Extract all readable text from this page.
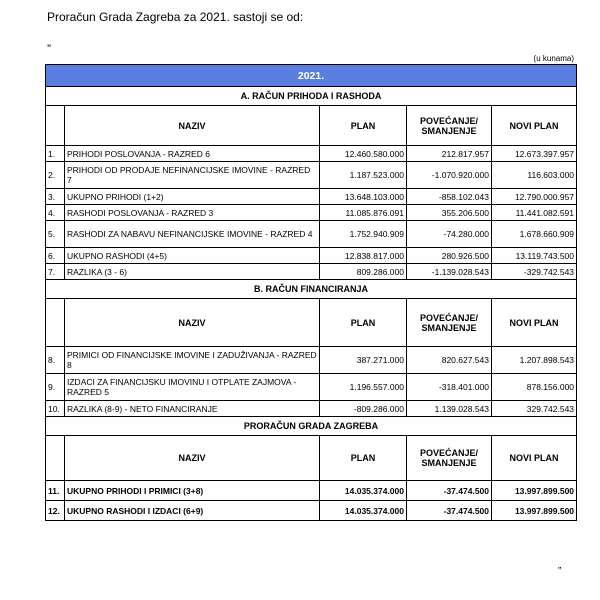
Proračun Grada Zagreba za 2021. sastoji se od:
”
(u kunama)
2021.				
A. RAČUN PRIHODA I RASHODA				
	NAZIV	PLAN	POVEĆANJE/ SMANJENJE	NOVI PLAN
1.	PRIHODI POSLOVANJA - RAZRED 6	12.460.580.000	212.817.957	12.673.397.957
2.	PRIHODI OD PRODAJE NEFINANCIJSKE IMOVINE - RAZRED 7	1.187.523.000	-1.070.920.000	116.603.000
3.	UKUPNO PRIHODI (1+2)	13.648.103.000	-858.102.043	12.790.000.957
4.	RASHODI POSLOVANJA - RAZRED 3	11.085.876.091	355.206.500	11.441.082.591
5.	RASHODI ZA NABAVU NEFINANCIJSKE IMOVINE - RAZRED 4	1.752.940.909	-74.280.000	1.678.660.909
6.	UKUPNO RASHODI (4+5)	12.838.817.000	280.926.500	13.119.743.500
7.	RAZLIKA (3 - 6)	809.286.000	-1.139.028.543	-329.742.543
B. RAČUN FINANCIRANJA				
	NAZIV	PLAN	POVEĆANJE/ SMANJENJE	NOVI PLAN
8.	PRIMICI OD FINANCIJSKE IMOVINE I ZADUŽIVANJA - RAZRED 8	387.271.000	820.627.543	1.207.898.543
9.	IZDACI ZA FINANCIJSKU IMOVINU I OTPLATE ZAJMOVA - RAZRED 5	1.196.557.000	-318.401.000	878.156.000
10.	RAZLIKA (8-9) - NETO FINANCIRANJE	-809.286.000	1.139.028.543	329.742.543
PRORAČUN GRADA ZAGREBA				
	NAZIV	PLAN	POVEĆANJE/ SMANJENJE	NOVI PLAN
11.	UKUPNO PRIHODI I PRIMICI (3+8)	14.035.374.000	-37.474.500	13.997.899.500
12.	UKUPNO RASHODI I IZDACI (6+9)	14.035.374.000	-37.474.500	13.997.899.500
”
